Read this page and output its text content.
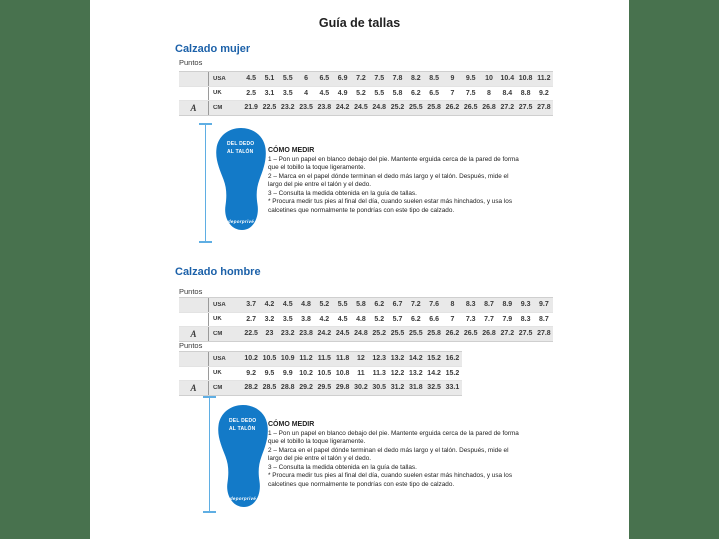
Guía de tallas
Calzado mujer
Puntos
USA	4.5	5.1	5.5	6	6.5	6.9	7.2	7.5	7.8	8.2	8.5	9	9.5	10	10.4 10.8 11.2
UK	2.5	3.1	3.5	4	4.5	4.9	5.2	5.5	5.8	6.2	6.5	7	7.5	8	8.4	8.8	9.2
A	CM	21.9 22.5 23.2 23.5 23.8 24.2 24.5 24.8 25.2 25.5 25.8 26.2 26.5 26.8 27.2 27.5 27.8
DEL DEDO
AL TALÓN
deporprivé
CÓMO MEDIR
1 – Pon un papel en blanco debajo del pie. Mantente erguida cerca de la pared de forma que el tobillo la toque ligeramente.
2 – Marca en el papel dónde terminan el dedo más largo y el talón. Después, mide el largo del pie entre el talón y el dedo.
3 – Consulta la medida obtenida en la guía de tallas.
* Procura medir tus pies al final del día, cuando suelen estar más hinchados, y usa los calcetines que normalmente te pondrías con este tipo de calzado.
Calzado hombre
Puntos
USA	3.7	4.2	4.5	4.8	5.2	5.5	5.8	6.2	6.7	7.2	7.6	8	8.3	8.7	8.9	9.3	9.7
UK	2.7	3.2	3.5	3.8	4.2	4.5	4.8	5.2	5.7	6.2	6.6	7	7.3	7.7	7.9	8.3	8.7
A	CM	22.5	23	23.2 23.8 24.2 24.5 24.8 25.2 25.5 25.5 25.8 26.2 26.5 26.8 27.2 27.5 27.8
Puntos
USA	10.2 10.5 10.9 11.2 11.5 11.8	12	12.3 13.2 14.2 15.2 16.2
UK	9.2	9.5	9.9 10.2 10.5 10.8	11	11.3 12.2 13.2 14.2 15.2
A	CM	28.2 28.5 28.8 29.2 29.5 29.8 30.2 30.5 31.2 31.8 32.5 33.1
DEL DEDO
AL TALÓN
deporprivé
CÓMO MEDIR
1 – Pon un papel en blanco debajo del pie. Mantente erguida cerca de la pared de forma que el tobillo la toque ligeramente.
2 – Marca en el papel dónde terminan el dedo más largo y el talón. Después, mide el largo del pie entre el talón y el dedo.
3 – Consulta la medida obtenida en la guía de tallas.
* Procura medir tus pies al final del día, cuando suelen estar más hinchados, y usa los calcetines que normalmente te pondrías con este tipo de calzado.
